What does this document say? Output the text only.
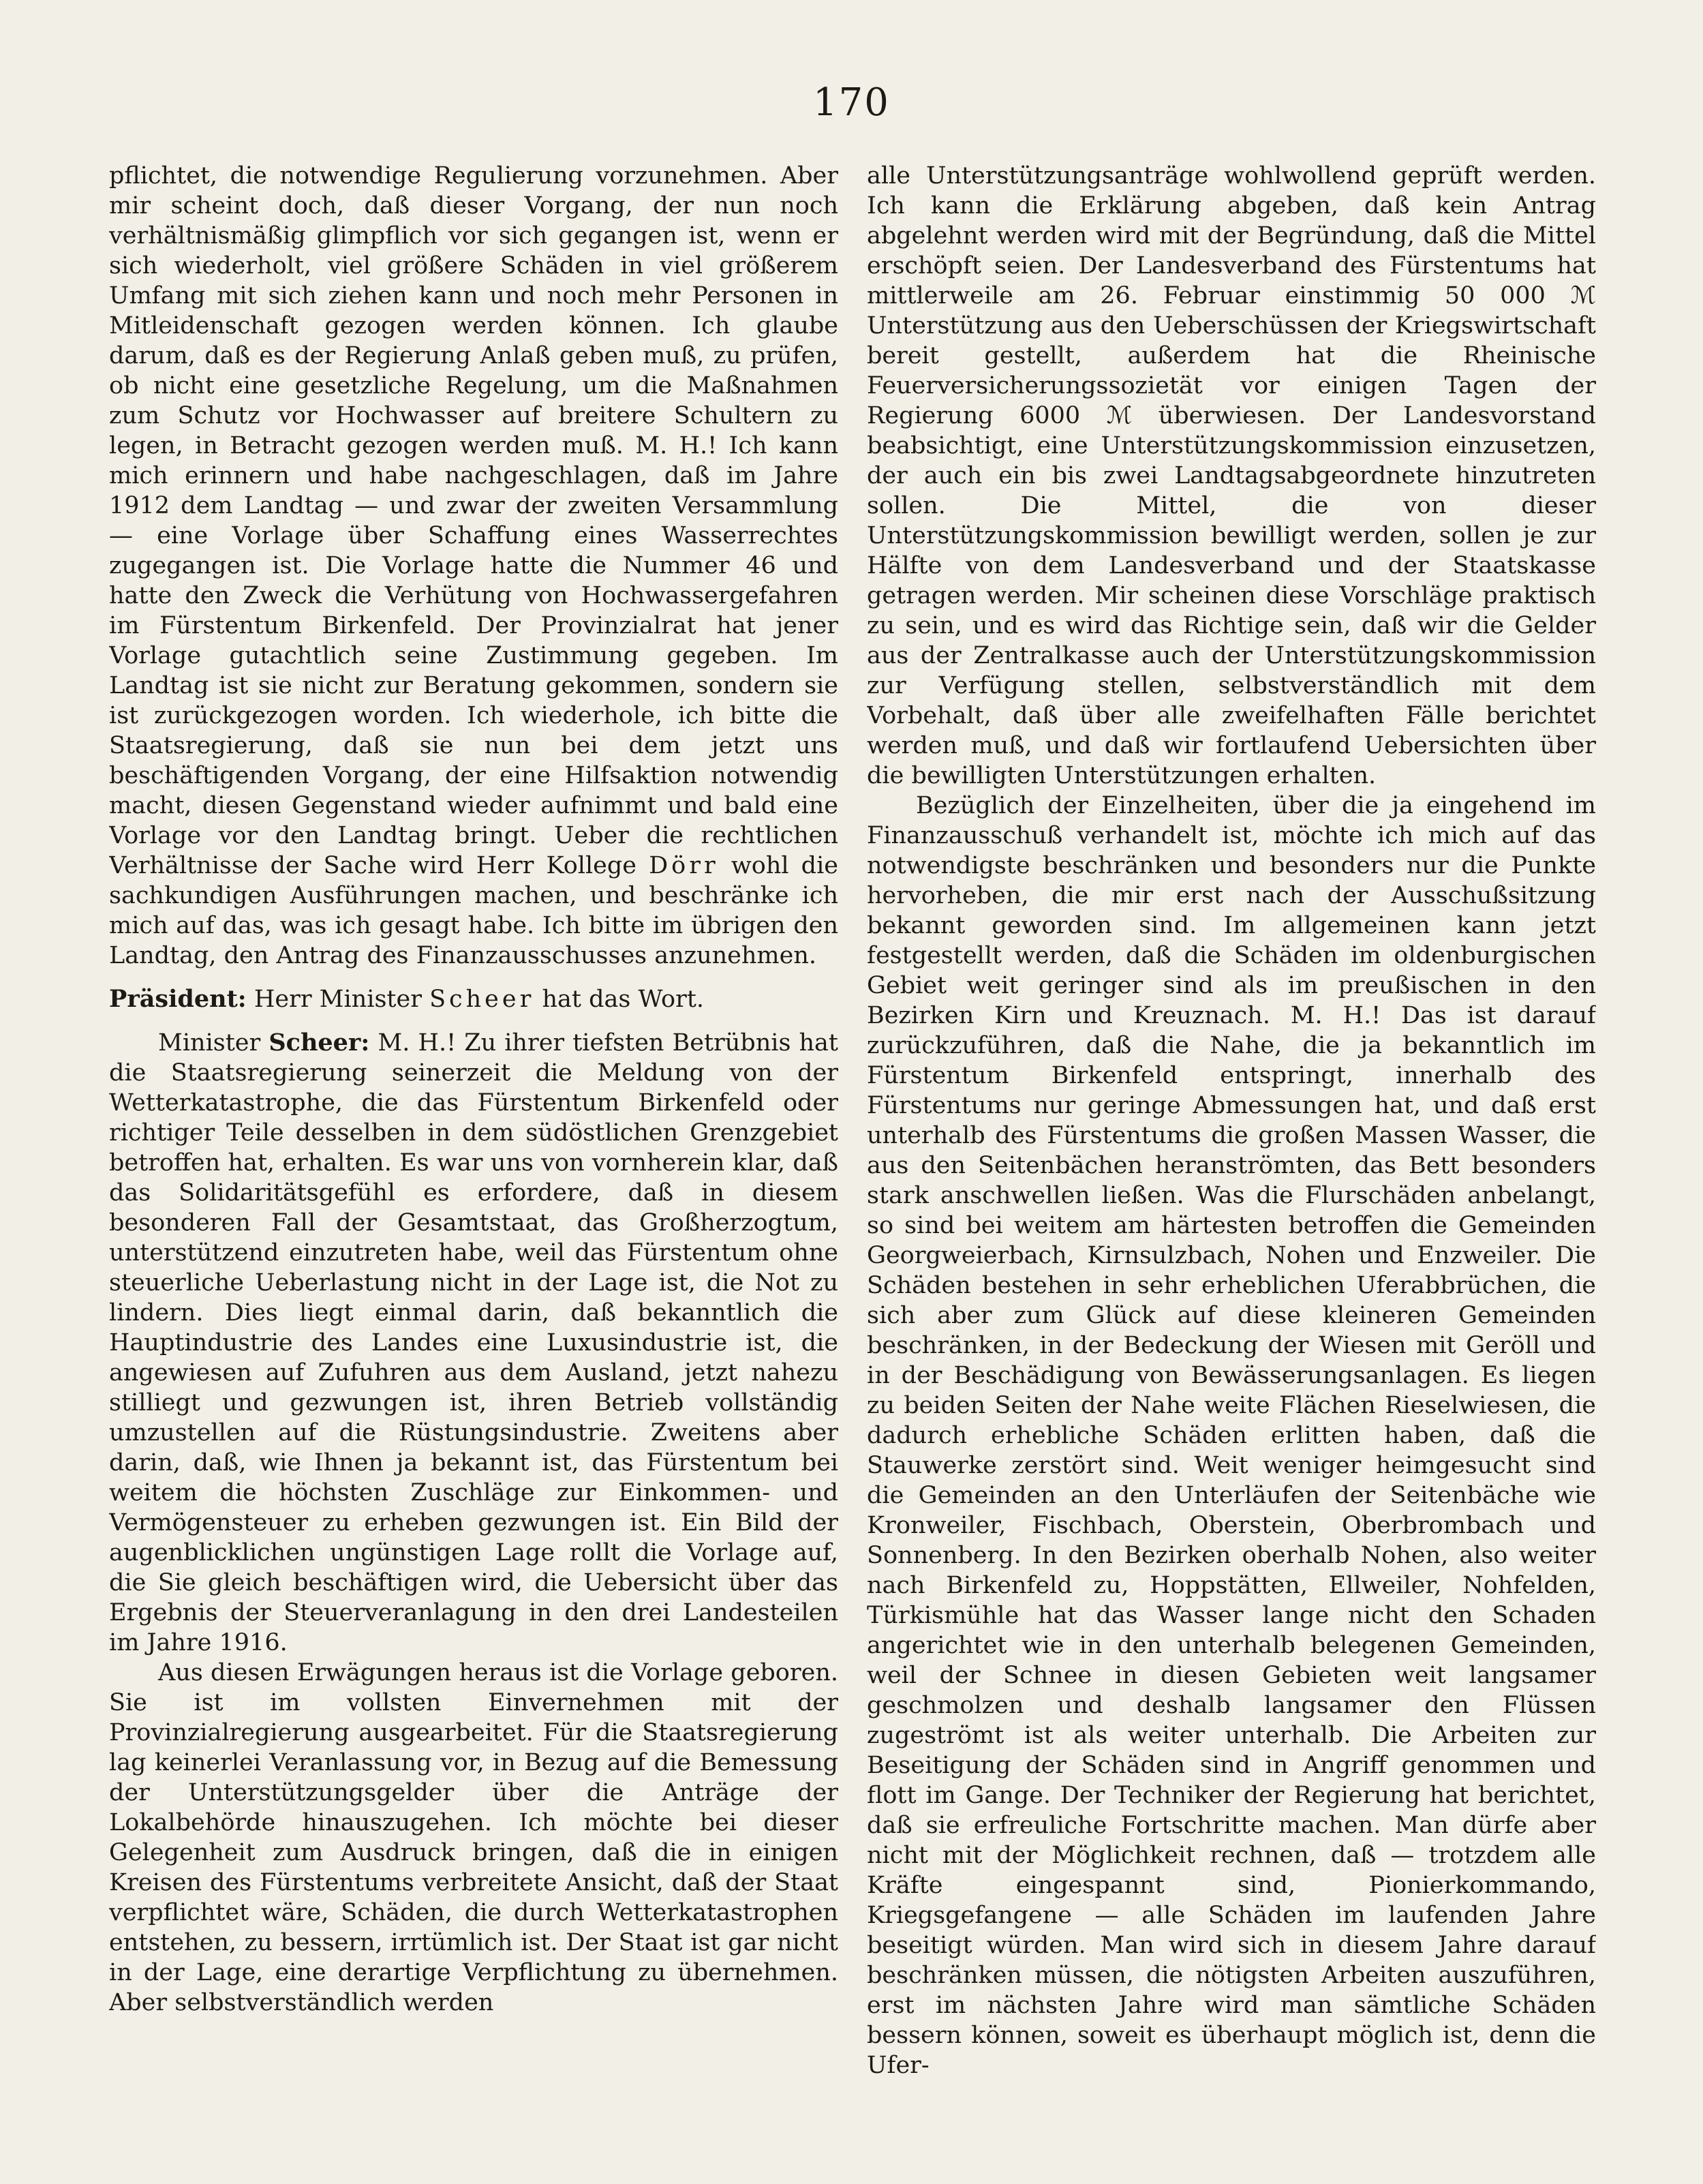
170

pflichtet, die notwendige Regulierung vorzunehmen. Aber mir scheint doch, daß dieser Vorgang, der nun noch verhältnismäßig glimpflich vor sich gegangen ist, wenn er sich wiederholt, viel größere Schäden in viel größerem Umfang mit sich ziehen kann und noch mehr Personen in Mitleidenschaft gezogen werden können. Ich glaube darum, daß es der Regierung Anlaß geben muß, zu prüfen, ob nicht eine gesetzliche Regelung, um die Maßnahmen zum Schutz vor Hochwasser auf breitere Schultern zu legen, in Betracht gezogen werden muß. M. H.! Ich kann mich erinnern und habe nachgeschlagen, daß im Jahre 1912 dem Landtag — und zwar der zweiten Versammlung — eine Vorlage über Schaffung eines Wasserrechtes zugegangen ist. Die Vorlage hatte die Nummer 46 und hatte den Zweck die Verhütung von Hochwassergefahren im Fürstentum Birkenfeld. Der Provinzialrat hat jener Vorlage gutachtlich seine Zustimmung gegeben. Im Landtag ist sie nicht zur Beratung gekommen, sondern sie ist zurückgezogen worden. Ich wiederhole, ich bitte die Staatsregierung, daß sie nun bei dem jetzt uns beschäftigenden Vorgang, der eine Hilfsaktion notwendig macht, diesen Gegenstand wieder aufnimmt und bald eine Vorlage vor den Landtag bringt. Ueber die rechtlichen Verhältnisse der Sache wird Herr Kollege Dörr wohl die sachkundigen Ausführungen machen, und beschränke ich mich auf das, was ich gesagt habe. Ich bitte im übrigen den Landtag, den Antrag des Finanzausschusses anzunehmen.

Präsident: Herr Minister Scheer hat das Wort.

Minister Scheer: M. H.! Zu ihrer tiefsten Betrübnis hat die Staatsregierung seinerzeit die Meldung von der Wetterkatastrophe, die das Fürstentum Birkenfeld oder richtiger Teile desselben in dem südöstlichen Grenzgebiet betroffen hat, erhalten. Es war uns von vornherein klar, daß das Solidaritätsgefühl es erfordere, daß in diesem besonderen Fall der Gesamtstaat, das Großherzogtum, unterstützend einzutreten habe, weil das Fürstentum ohne steuerliche Ueberlastung nicht in der Lage ist, die Not zu lindern. Dies liegt einmal darin, daß bekanntlich die Hauptindustrie des Landes eine Luxusindustrie ist, die angewiesen auf Zufuhren aus dem Ausland, jetzt nahezu stilliegt und gezwungen ist, ihren Betrieb vollständig umzustellen auf die Rüstungsindustrie. Zweitens aber darin, daß, wie Ihnen ja bekannt ist, das Fürstentum bei weitem die höchsten Zuschläge zur Einkommen- und Vermögensteuer zu erheben gezwungen ist. Ein Bild der augenblicklichen ungünstigen Lage rollt die Vorlage auf, die Sie gleich beschäftigen wird, die Uebersicht über das Ergebnis der Steuerveranlagung in den drei Landesteilen im Jahre 1916.

Aus diesen Erwägungen heraus ist die Vorlage geboren. Sie ist im vollsten Einvernehmen mit der Provinzialregierung ausgearbeitet. Für die Staatsregierung lag keinerlei Veranlassung vor, in Bezug auf die Bemessung der Unterstützungsgelder über die Anträge der Lokalbehörde hinauszugehen. Ich möchte bei dieser Gelegenheit zum Ausdruck bringen, daß die in einigen Kreisen des Fürstentums verbreitete Ansicht, daß der Staat verpflichtet wäre, Schäden, die durch Wetterkatastrophen entstehen, zu bessern, irrtümlich ist. Der Staat ist gar nicht in der Lage, eine derartige Verpflichtung zu übernehmen. Aber selbstverständlich werden

alle Unterstützungsanträge wohlwollend geprüft werden. Ich kann die Erklärung abgeben, daß kein Antrag abgelehnt werden wird mit der Begründung, daß die Mittel erschöpft seien. Der Landesverband des Fürstentums hat mittlerweile am 26. Februar einstimmig 50 000 ℳ Unterstützung aus den Ueberschüssen der Kriegswirtschaft bereit gestellt, außerdem hat die Rheinische Feuerversicherungssozietät vor einigen Tagen der Regierung 6000 ℳ überwiesen. Der Landesvorstand beabsichtigt, eine Unterstützungskommission einzusetzen, der auch ein bis zwei Landtagsabgeordnete hinzutreten sollen. Die Mittel, die von dieser Unterstützungskommission bewilligt werden, sollen je zur Hälfte von dem Landesverband und der Staatskasse getragen werden. Mir scheinen diese Vorschläge praktisch zu sein, und es wird das Richtige sein, daß wir die Gelder aus der Zentralkasse auch der Unterstützungskommission zur Verfügung stellen, selbstverständlich mit dem Vorbehalt, daß über alle zweifelhaften Fälle berichtet werden muß, und daß wir fortlaufend Uebersichten über die bewilligten Unterstützungen erhalten.

Bezüglich der Einzelheiten, über die ja eingehend im Finanzausschuß verhandelt ist, möchte ich mich auf das notwendigste beschränken und besonders nur die Punkte hervorheben, die mir erst nach der Ausschußsitzung bekannt geworden sind. Im allgemeinen kann jetzt festgestellt werden, daß die Schäden im oldenburgischen Gebiet weit geringer sind als im preußischen in den Bezirken Kirn und Kreuznach. M. H.! Das ist darauf zurückzuführen, daß die Nahe, die ja bekanntlich im Fürstentum Birkenfeld entspringt, innerhalb des Fürstentums nur geringe Abmessungen hat, und daß erst unterhalb des Fürstentums die großen Massen Wasser, die aus den Seitenbächen heranströmten, das Bett besonders stark anschwellen ließen. Was die Flurschäden anbelangt, so sind bei weitem am härtesten betroffen die Gemeinden Georgweierbach, Kirnsulzbach, Nohen und Enzweiler. Die Schäden bestehen in sehr erheblichen Uferabbrüchen, die sich aber zum Glück auf diese kleineren Gemeinden beschränken, in der Bedeckung der Wiesen mit Geröll und in der Beschädigung von Bewässerungsanlagen. Es liegen zu beiden Seiten der Nahe weite Flächen Rieselwiesen, die dadurch erhebliche Schäden erlitten haben, daß die Stauwerke zerstört sind. Weit weniger heimgesucht sind die Gemeinden an den Unterläufen der Seitenbäche wie Kronweiler, Fischbach, Oberstein, Oberbrombach und Sonnenberg. In den Bezirken oberhalb Nohen, also weiter nach Birkenfeld zu, Hoppstätten, Ellweiler, Nohfelden, Türkismühle hat das Wasser lange nicht den Schaden angerichtet wie in den unterhalb belegenen Gemeinden, weil der Schnee in diesen Gebieten weit langsamer geschmolzen und deshalb langsamer den Flüssen zugeströmt ist als weiter unterhalb. Die Arbeiten zur Beseitigung der Schäden sind in Angriff genommen und flott im Gange. Der Techniker der Regierung hat berichtet, daß sie erfreuliche Fortschritte machen. Man dürfe aber nicht mit der Möglichkeit rechnen, daß — trotzdem alle Kräfte eingespannt sind, Pionierkommando, Kriegsgefangene — alle Schäden im laufenden Jahre beseitigt würden. Man wird sich in diesem Jahre darauf beschränken müssen, die nötigsten Arbeiten auszuführen, erst im nächsten Jahre wird man sämtliche Schäden bessern können, soweit es überhaupt möglich ist, denn die Ufer-
